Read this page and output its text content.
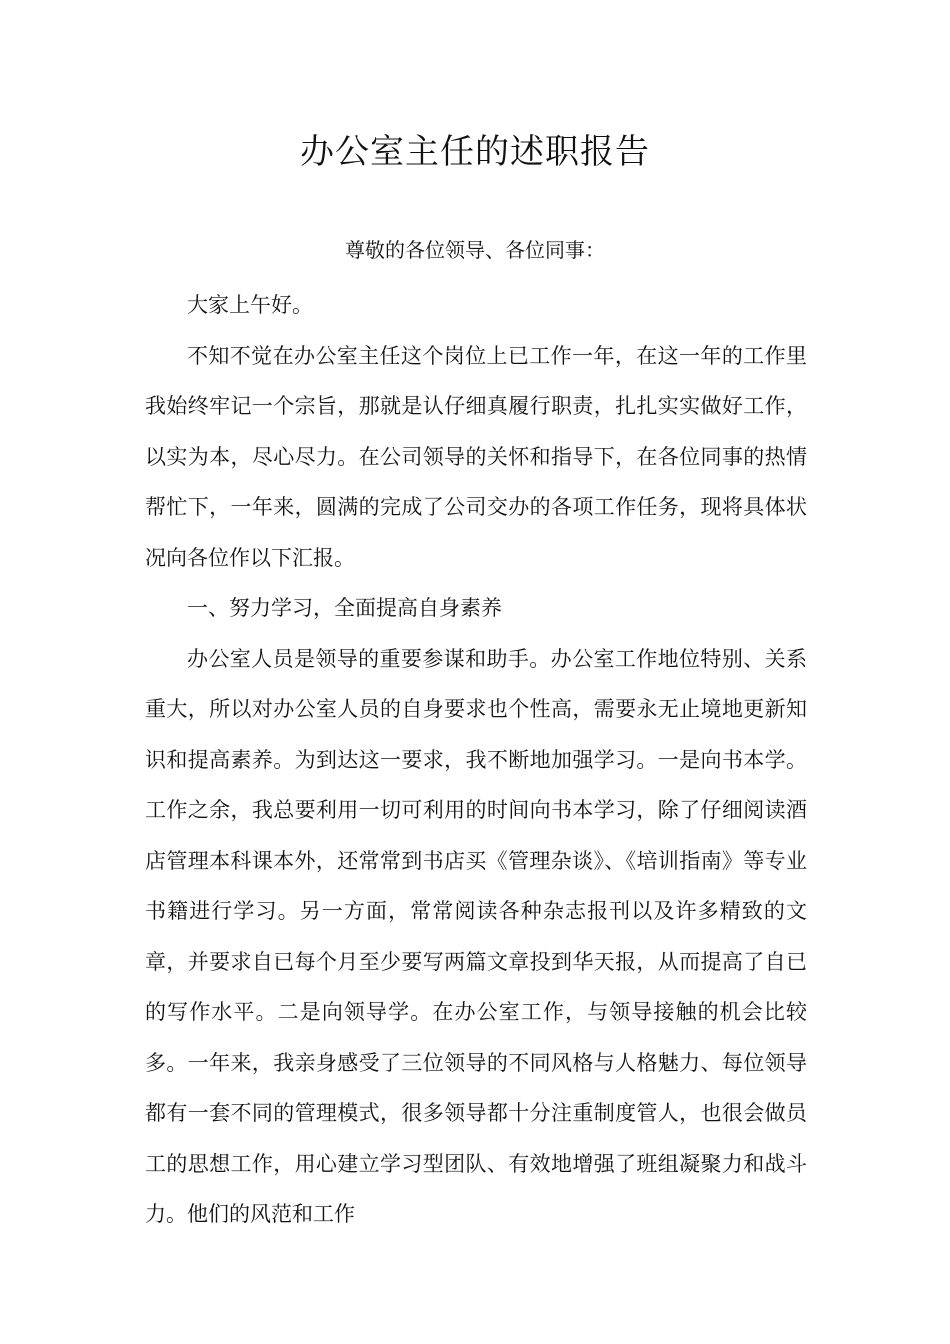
办公室主任的述职报告
尊敬的各位领导、各位同事：

大家上午好。

不知不觉在办公室主任这个岗位上已工作一年，在这一年的工作里我始终牢记一个宗旨，那就是认仔细真履行职责，扎扎实实做好工作，以实为本，尽心尽力。在公司领导的关怀和指导下，在各位同事的热情帮忙下，一年来，圆满的完成了公司交办的各项工作任务，现将具体状况向各位作以下汇报。

一、努力学习，全面提高自身素养

办公室人员是领导的重要参谋和助手。办公室工作地位特别、关系重大，所以对办公室人员的自身要求也个性高，需要永无止境地更新知识和提高素养。为到达这一要求，我不断地加强学习。一是向书本学。工作之余，我总要利用一切可利用的时间向书本学习，除了仔细阅读酒店管理本科课本外，还常常到书店买《管理杂谈》、《培训指南》等专业书籍进行学习。另一方面，常常阅读各种杂志报刊以及许多精致的文章，并要求自已每个月至少要写两篇文章投到华天报，从而提高了自已的写作水平。二是向领导学。在办公室工作，与领导接触的机会比较多。一年来，我亲身感受了三位领导的不同风格与人格魅力、每位领导都有一套不同的管理模式，很多领导都十分注重制度管人，也很会做员工的思想工作，用心建立学习型团队、有效地增强了班组凝聚力和战斗力。他们的风范和工作
